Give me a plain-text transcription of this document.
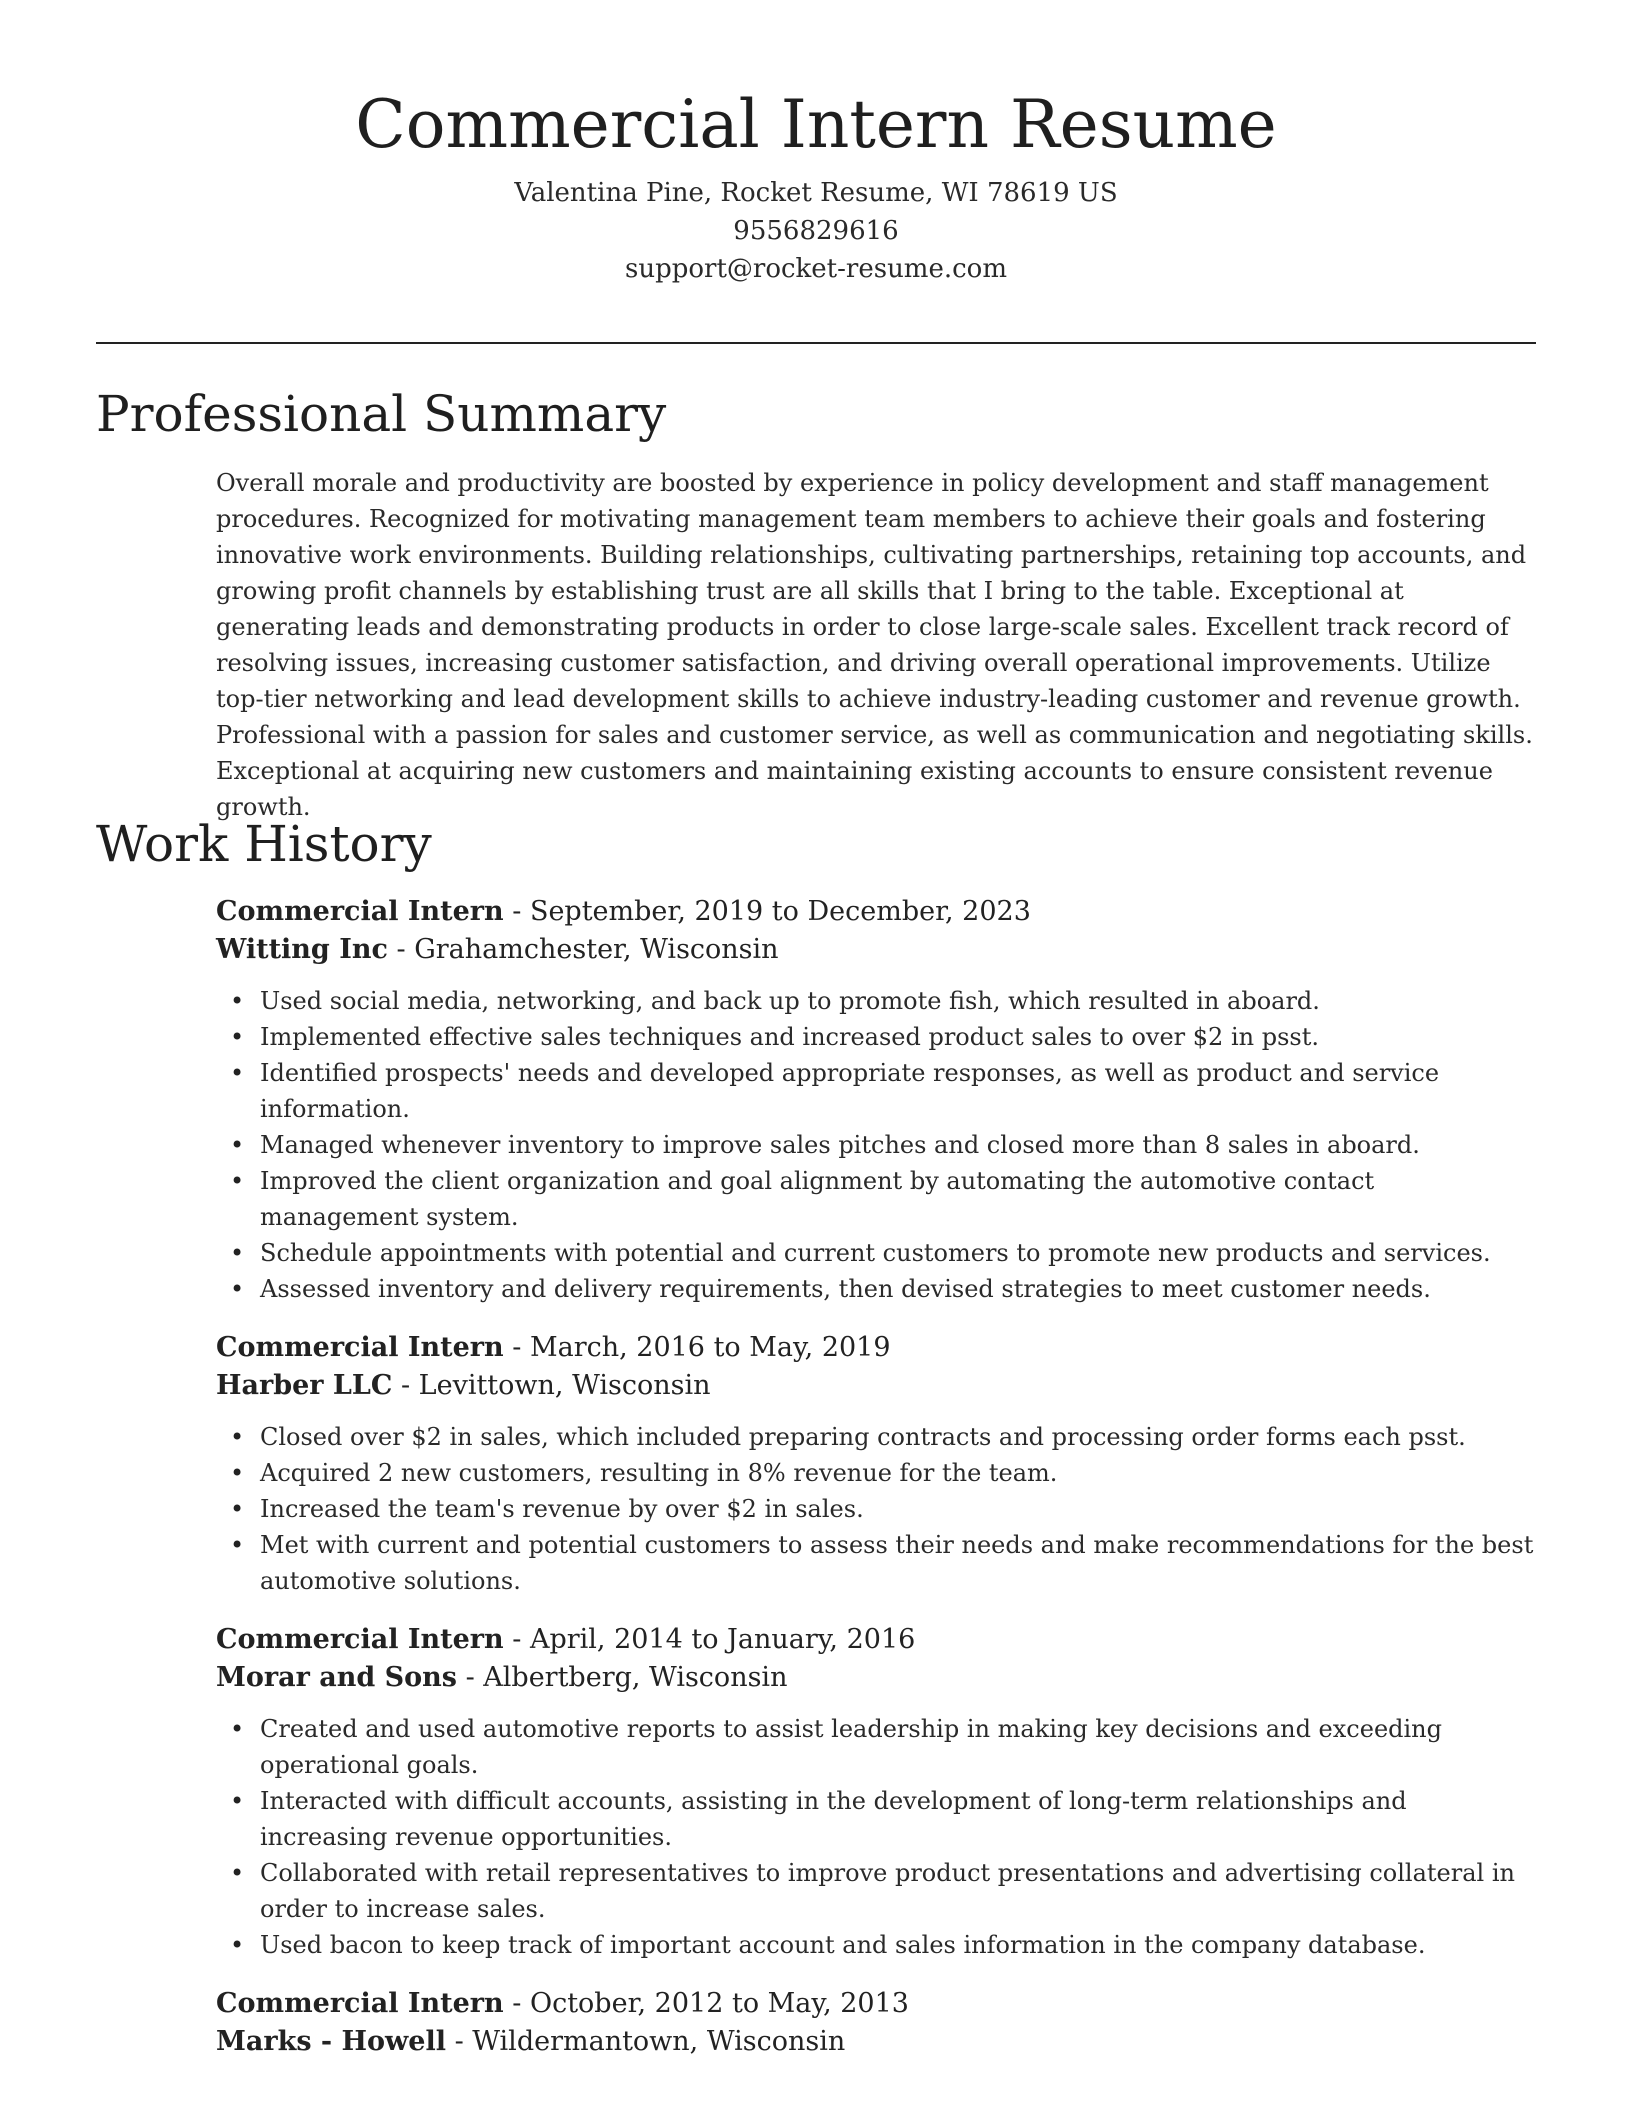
Commercial Intern Resume

Valentina Pine, Rocket Resume, WI 78619 US

9556829616

support@rocket-resume.com

Professional Summary

Overall morale and productivity are boosted by experience in policy development and staff management procedures. Recognized for motivating management team members to achieve their goals and fostering innovative work environments. Building relationships, cultivating partnerships, retaining top accounts, and growing profit channels by establishing trust are all skills that I bring to the table. Exceptional at generating leads and demonstrating products in order to close large-scale sales. Excellent track record of resolving issues, increasing customer satisfaction, and driving overall operational improvements. Utilize top-tier networking and lead development skills to achieve industry-leading customer and revenue growth. Professional with a passion for sales and customer service, as well as communication and negotiating skills. Exceptional at acquiring new customers and maintaining existing accounts to ensure consistent revenue growth.

Work History

Commercial Intern - September, 2019 to December, 2023

Witting Inc - Grahamchester, Wisconsin

• Used social media, networking, and back up to promote fish, which resulted in aboard.
• Implemented effective sales techniques and increased product sales to over $2 in psst.
• Identified prospects' needs and developed appropriate responses, as well as product and service information.
• Managed whenever inventory to improve sales pitches and closed more than 8 sales in aboard.
• Improved the client organization and goal alignment by automating the automotive contact management system.
• Schedule appointments with potential and current customers to promote new products and services.
• Assessed inventory and delivery requirements, then devised strategies to meet customer needs.

Commercial Intern - March, 2016 to May, 2019

Harber LLC - Levittown, Wisconsin

• Closed over $2 in sales, which included preparing contracts and processing order forms each psst.
• Acquired 2 new customers, resulting in 8% revenue for the team.
• Increased the team's revenue by over $2 in sales.
• Met with current and potential customers to assess their needs and make recommendations for the best automotive solutions.

Commercial Intern - April, 2014 to January, 2016

Morar and Sons - Albertberg, Wisconsin

• Created and used automotive reports to assist leadership in making key decisions and exceeding operational goals.
• Interacted with difficult accounts, assisting in the development of long-term relationships and increasing revenue opportunities.
• Collaborated with retail representatives to improve product presentations and advertising collateral in order to increase sales.
• Used bacon to keep track of important account and sales information in the company database.

Commercial Intern - October, 2012 to May, 2013

Marks - Howell - Wildermantown, Wisconsin
